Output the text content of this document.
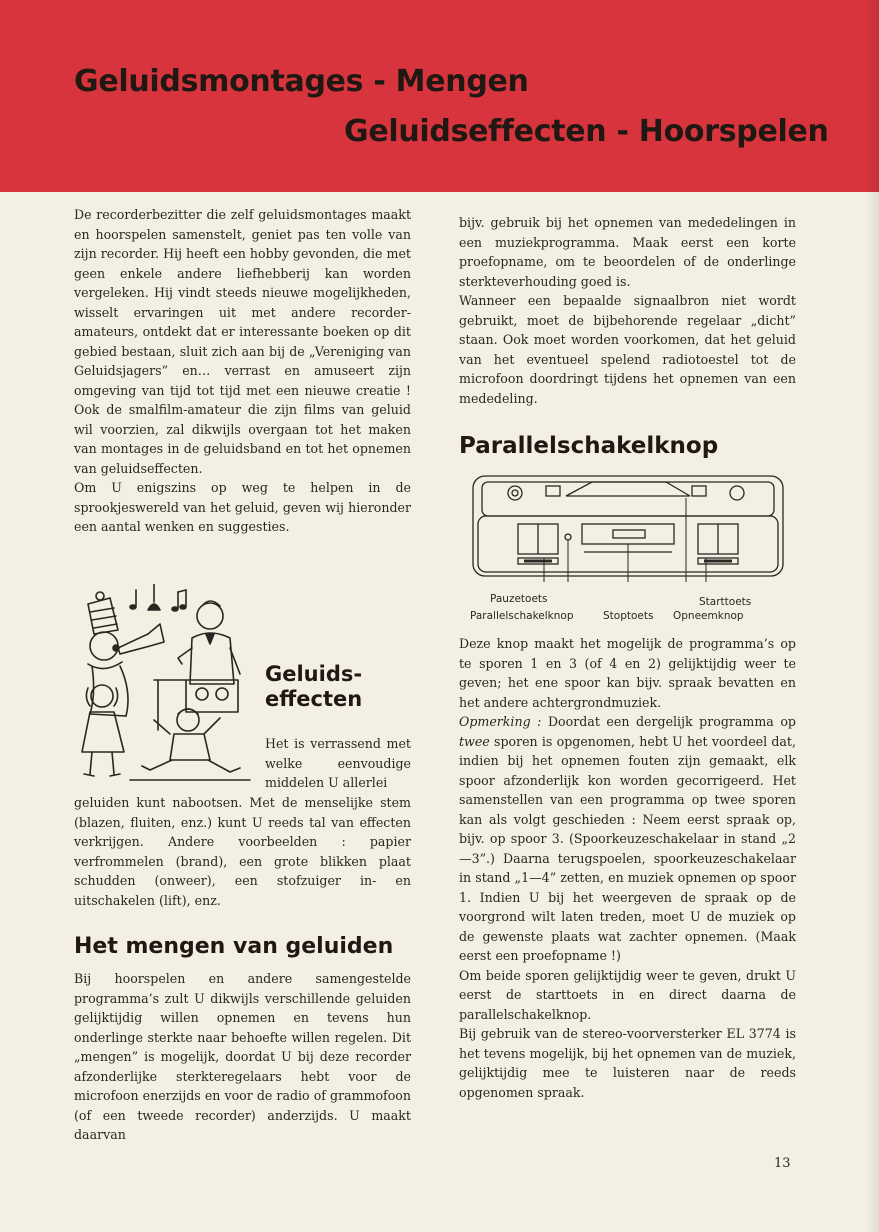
Geluidsmontages - Mengen
Geluidseffecten - Hoorspelen

De recorderbezitter die zelf geluidsmontages maakt en hoorspelen samenstelt, geniet pas ten volle van zijn recorder. Hij heeft een hobby gevonden, die met geen enkele andere liefhebberij kan worden vergeleken. Hij vindt steeds nieuwe mogelijkheden, wisselt ervaringen uit met andere recorder-amateurs, ontdekt dat er interessante boeken op dit gebied bestaan, sluit zich aan bij de „Vereniging van Geluidsjagers” en… verrast en amuseert zijn omgeving van tijd tot tijd met een nieuwe creatie ! Ook de smalfilm-amateur die zijn films van geluid wil voorzien, zal dikwijls overgaan tot het maken van montages in de geluidsband en tot het opnemen van geluidseffecten.

Om U enigszins op weg te helpen in de sprookjeswereld van het geluid, geven wij hieronder een aantal wenken en suggesties.

Geluids-
effecten

Het is verrassend met welke eenvoudige middelen U allerlei

geluiden kunt nabootsen. Met de menselijke stem (blazen, fluiten, enz.) kunt U reeds tal van effecten verkrijgen. Andere voorbeelden : papier verfrommelen (brand), een grote blikken plaat schudden (onweer), een stofzuiger in- en uitschakelen (lift), enz.

Het mengen van geluiden

Bij hoorspelen en andere samengestelde programma’s zult U dikwijls verschillende geluiden gelijktijdig willen opnemen en tevens hun onderlinge sterkte naar behoefte willen regelen. Dit „mengen” is mogelijk, doordat U bij deze recorder afzonderlijke sterkteregelaars hebt voor de microfoon enerzijds en voor de radio of grammofoon (of een tweede recorder) anderzijds. U maakt daarvan

bijv. gebruik bij het opnemen van mededelingen in een muziekprogramma. Maak eerst een korte proefopname, om te beoordelen of de onderlinge sterkteverhouding goed is.

Wanneer een bepaalde signaalbron niet wordt gebruikt, moet de bijbehorende regelaar „dicht” staan. Ook moet worden voorkomen, dat het geluid van het eventueel spelend radiotoestel tot de microfoon doordringt tijdens het opnemen van een mededeling.

Parallelschakelknop
Pauzetoets
Parallelschakelknop	Stoptoets
Starttoets
Opneemknop

Deze knop maakt het mogelijk de programma’s op te sporen 1 en 3 (of 4 en 2) gelijktijdig weer te geven; het ene spoor kan bijv. spraak bevatten en het andere achtergrondmuziek.

Opmerking : Doordat een dergelijk programma op twee sporen is opgenomen, hebt U het voordeel dat, indien bij het opnemen fouten zijn gemaakt, elk spoor afzonderlijk kon worden gecorrigeerd. Het samenstellen van een programma op twee sporen kan als volgt geschieden : Neem eerst spraak op, bijv. op spoor 3. (Spoorkeuzeschakelaar in stand „2—3”.) Daarna terugspoelen, spoorkeuzeschakelaar in stand „1—4” zetten, en muziek opnemen op spoor 1. Indien U bij het weergeven de spraak op de voorgrond wilt laten treden, moet U de muziek op de gewenste plaats wat zachter opnemen. (Maak eerst een proefopname !)

Om beide sporen gelijktijdig weer te geven, drukt U eerst de starttoets in en direct daarna de parallelschakelknop.

Bij gebruik van de stereo-voorversterker EL 3774 is het tevens mogelijk, bij het opnemen van de muziek, gelijktijdig mee te luisteren naar de reeds opgenomen spraak.

13
